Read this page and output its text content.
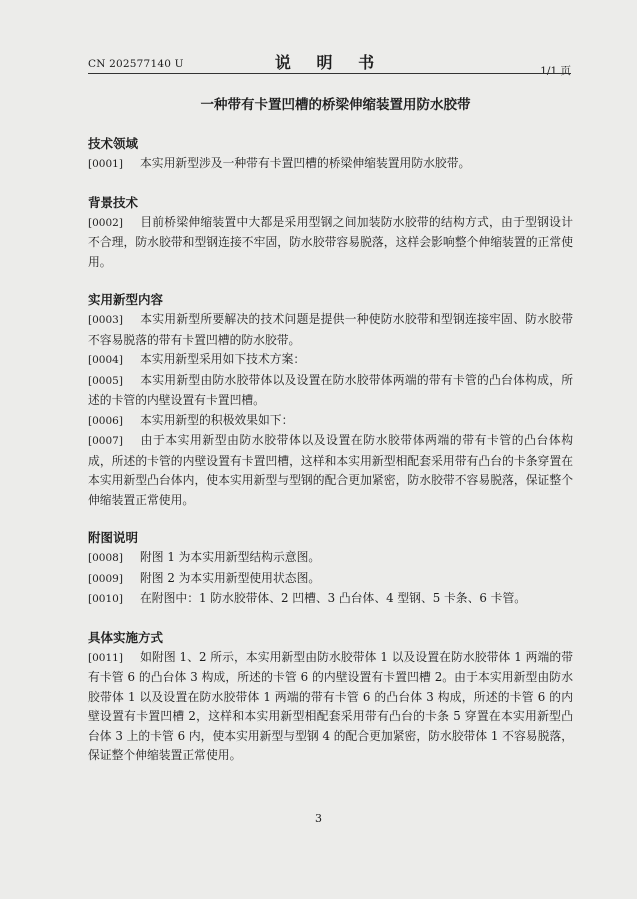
CN 202577140 U	说 明 书	1/1 页
一种带有卡置凹槽的桥梁伸缩装置用防水胶带
技术领域

[0001] 本实用新型涉及一种带有卡置凹槽的桥梁伸缩装置用防水胶带。

背景技术

[0002] 目前桥梁伸缩装置中大都是采用型钢之间加装防水胶带的结构方式，由于型钢设计不合理，防水胶带和型钢连接不牢固，防水胶带容易脱落，这样会影响整个伸缩装置的正常使用。

实用新型内容

[0003] 本实用新型所要解决的技术问题是提供一种使防水胶带和型钢连接牢固、防水胶带不容易脱落的带有卡置凹槽的防水胶带。

[0004] 本实用新型采用如下技术方案：

[0005] 本实用新型由防水胶带体以及设置在防水胶带体两端的带有卡管的凸台体构成，所述的卡管的内壁设置有卡置凹槽。

[0006] 本实用新型的积极效果如下：

[0007] 由于本实用新型由防水胶带体以及设置在防水胶带体两端的带有卡管的凸台体构成，所述的卡管的内壁设置有卡置凹槽，这样和本实用新型相配套采用带有凸台的卡条穿置在本实用新型凸台体内，使本实用新型与型钢的配合更加紧密，防水胶带不容易脱落，保证整个伸缩装置正常使用。

附图说明

[0008] 附图 1 为本实用新型结构示意图。

[0009] 附图 2 为本实用新型使用状态图。

[0010] 在附图中：1 防水胶带体、2 凹槽、3 凸台体、4 型钢、5 卡条、6 卡管。

具体实施方式

[0011] 如附图 1、2 所示，本实用新型由防水胶带体 1 以及设置在防水胶带体 1 两端的带有卡管 6 的凸台体 3 构成，所述的卡管 6 的内壁设置有卡置凹槽 2。由于本实用新型由防水胶带体 1 以及设置在防水胶带体 1 两端的带有卡管 6 的凸台体 3 构成，所述的卡管 6 的内壁设置有卡置凹槽 2，这样和本实用新型相配套采用带有凸台的卡条 5 穿置在本实用新型凸台体 3 上的卡管 6 内，使本实用新型与型钢 4 的配合更加紧密，防水胶带体 1 不容易脱落，保证整个伸缩装置正常使用。

3
